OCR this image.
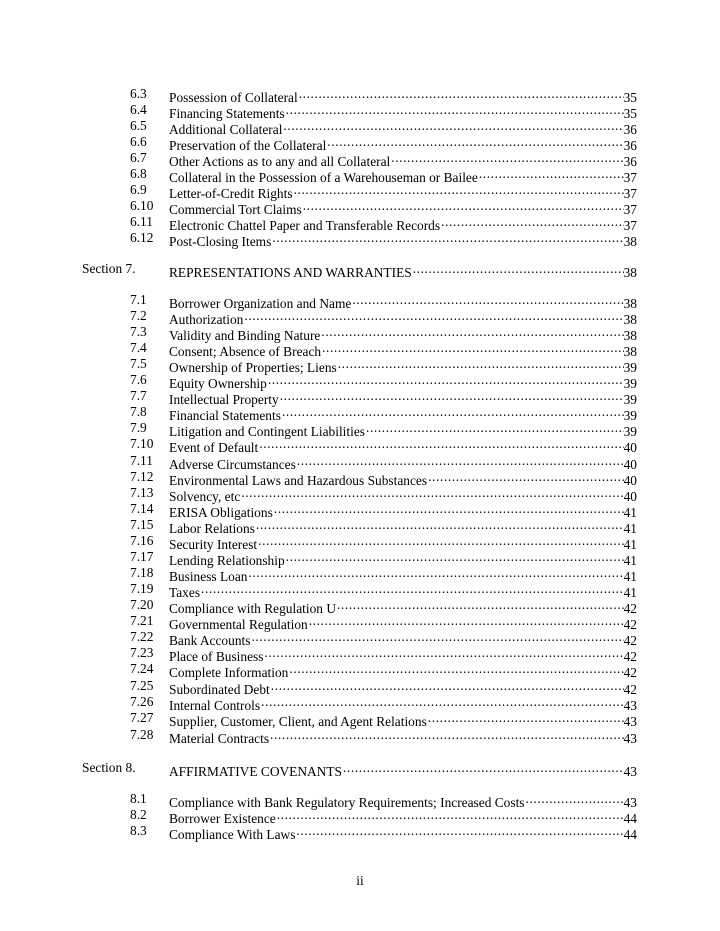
6.3 Possession of Collateral .....	35
6.4 Financing Statements .....	35
6.5 Additional Collateral .....	36
6.6 Preservation of the Collateral .....	36
6.7 Other Actions as to any and all Collateral .....	36
6.8 Collateral in the Possession of a Warehouseman or Bailee .....	37
6.9 Letter-of-Credit Rights .....	37
6.10 Commercial Tort Claims .....	37
6.11 Electronic Chattel Paper and Transferable Records .....	37
6.12 Post-Closing Items .....	38
Section 7. REPRESENTATIONS AND WARRANTIES .....	38
7.1 Borrower Organization and Name .....	38
7.2 Authorization .....	38
7.3 Validity and Binding Nature .....	38
7.4 Consent; Absence of Breach .....	38
7.5 Ownership of Properties; Liens .....	39
7.6 Equity Ownership .....	39
7.7 Intellectual Property .....	39
7.8 Financial Statements .....	39
7.9 Litigation and Contingent Liabilities .....	39
7.10 Event of Default .....	40
7.11 Adverse Circumstances .....	40
7.12 Environmental Laws and Hazardous Substances .....	40
7.13 Solvency, etc .....	40
7.14 ERISA Obligations .....	41
7.15 Labor Relations .....	41
7.16 Security Interest .....	41
7.17 Lending Relationship .....	41
7.18 Business Loan .....	41
7.19 Taxes .....	41
7.20 Compliance with Regulation U .....	42
7.21 Governmental Regulation .....	42
7.22 Bank Accounts .....	42
7.23 Place of Business .....	42
7.24 Complete Information .....	42
7.25 Subordinated Debt .....	42
7.26 Internal Controls .....	43
7.27 Supplier, Customer, Client, and Agent Relations .....	43
7.28 Material Contracts .....	43
Section 8. AFFIRMATIVE COVENANTS .....	43
8.1 Compliance with Bank Regulatory Requirements; Increased Costs .....	43
8.2 Borrower Existence .....	44
8.3 Compliance With Laws .....	44
ii
